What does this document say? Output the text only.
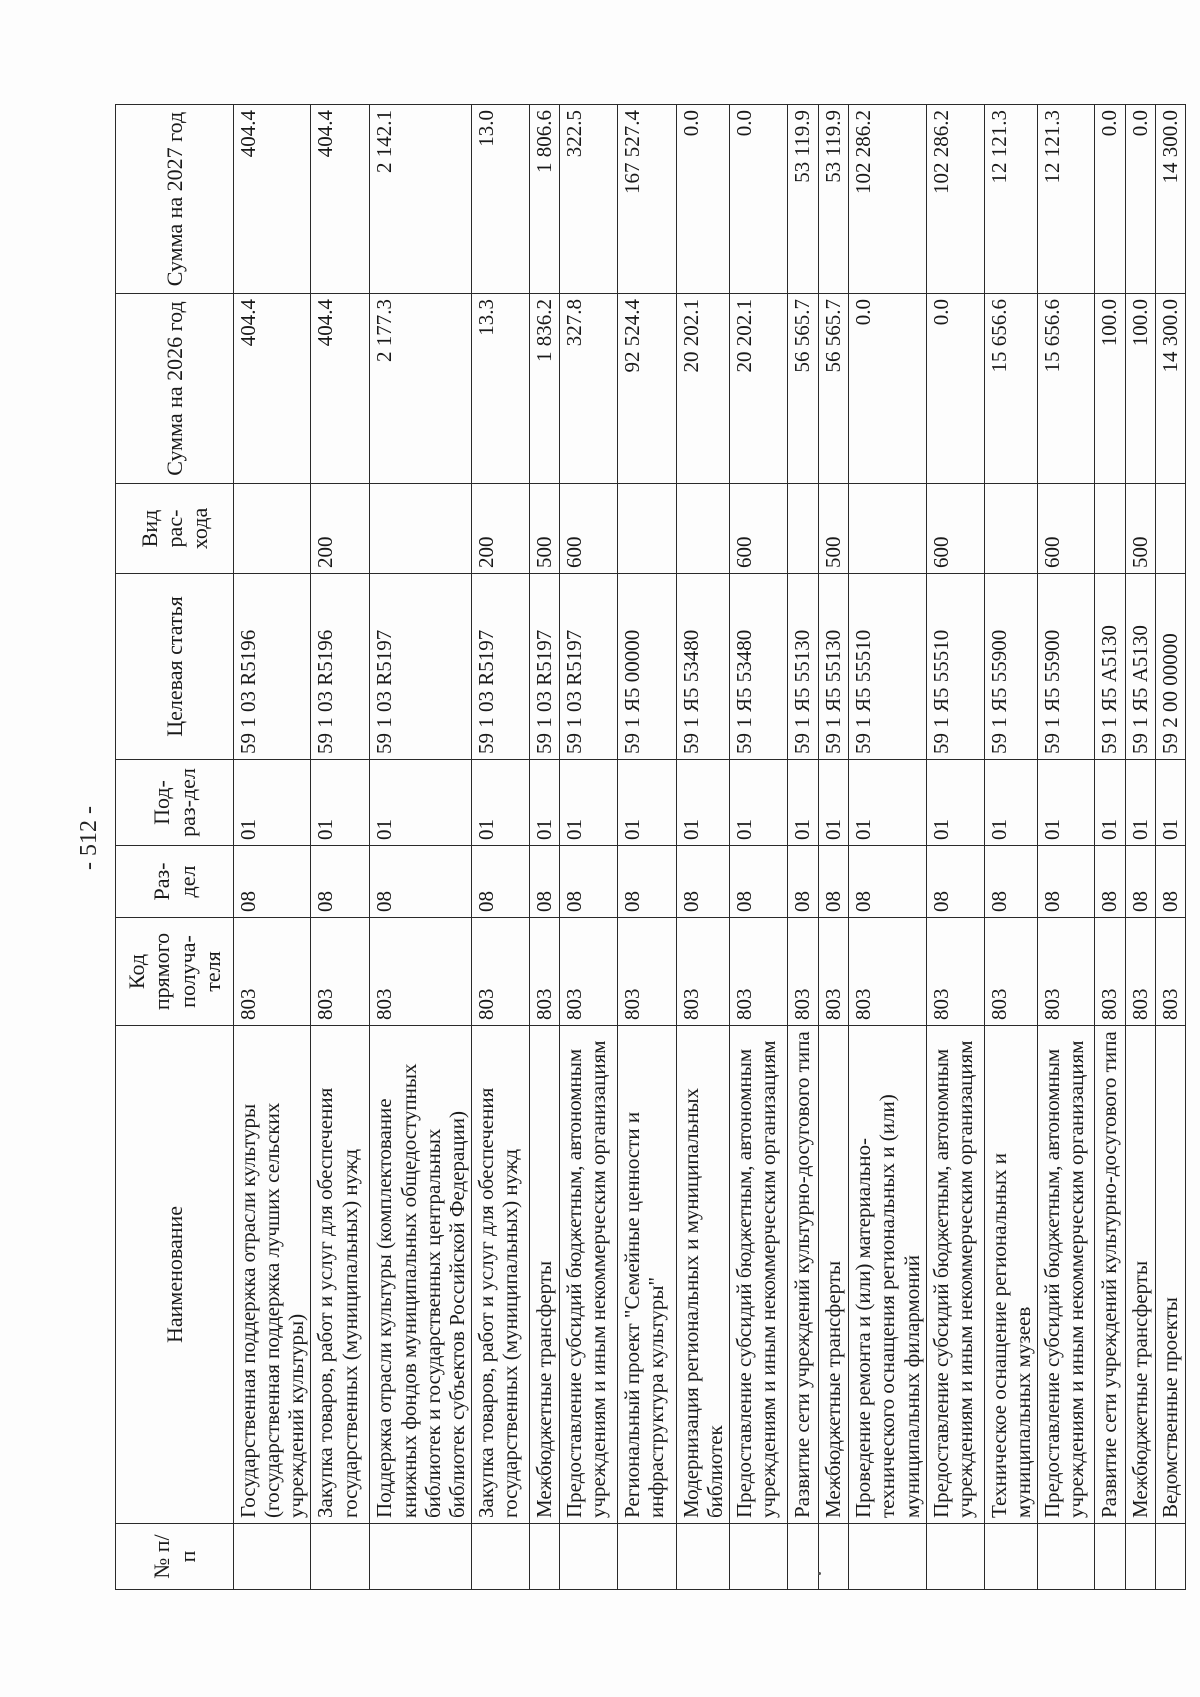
- 512 -
№ п/п	Наименование	Код прямого получа-теля	Раз-дел	Под-раз-дел	Целевая статья	Вид рас-хода	Сумма на 2026 год	Сумма на 2027 год
	Государственная поддержка отрасли культуры (государственная поддержка лучших сельских учреждений культуры)	803	08	01	59 1 03 R5196		404.4	404.4
	Закупка товаров, работ и услуг для обеспечения государственных (муниципальных) нужд	803	08	01	59 1 03 R5196	200	404.4	404.4
	Поддержка отрасли культуры (комплектование книжных фондов муниципальных общедоступных библиотек и государственных центральных библиотек субъектов Российской Федерации)	803	08	01	59 1 03 R5197		2 177.3	2 142.1
	Закупка товаров, работ и услуг для обеспечения государственных (муниципальных) нужд	803	08	01	59 1 03 R5197	200	13.3	13.0
	Межбюджетные трансферты	803	08	01	59 1 03 R5197	500	1 836.2	1 806.6
	Предоставление субсидий бюджетным, автономным учреждениям и иным некоммерческим организациям	803	08	01	59 1 03 R5197	600	327.8	322.5
	Региональный проект "Семейные ценности и инфраструктура культуры"	803	08	01	59 1 Я5 00000		92 524.4	167 527.4
	Модернизация региональных и муниципальных библиотек	803	08	01	59 1 Я5 53480		20 202.1	0.0
	Предоставление субсидий бюджетным, автономным учреждениям и иным некоммерческим организациям	803	08	01	59 1 Я5 53480	600	20 202.1	0.0
	Развитие сети учреждений культурно-досугового типа	803	08	01	59 1 Я5 55130		56 565.7	53 119.9
	Межбюджетные трансферты	803	08	01	59 1 Я5 55130	500	56 565.7	53 119.9
	Проведение ремонта и (или) материально-технического оснащения региональных и (или) муниципальных филармоний	803	08	01	59 1 Я5 55510		0.0	102 286.2
	Предоставление субсидий бюджетным, автономным учреждениям и иным некоммерческим организациям	803	08	01	59 1 Я5 55510	600	0.0	102 286.2
	Техническое оснащение региональных и муниципальных музеев	803	08	01	59 1 Я5 55900		15 656.6	12 121.3
	Предоставление субсидий бюджетным, автономным учреждениям и иным некоммерческим организациям	803	08	01	59 1 Я5 55900	600	15 656.6	12 121.3
	Развитие сети учреждений культурно-досугового типа	803	08	01	59 1 Я5 А5130		100.0	0.0
	Межбюджетные трансферты	803	08	01	59 1 Я5 А5130	500	100.0	0.0
	Ведомственные проекты	803	08	01	59 2 00 00000		14 300.0	14 300.0
